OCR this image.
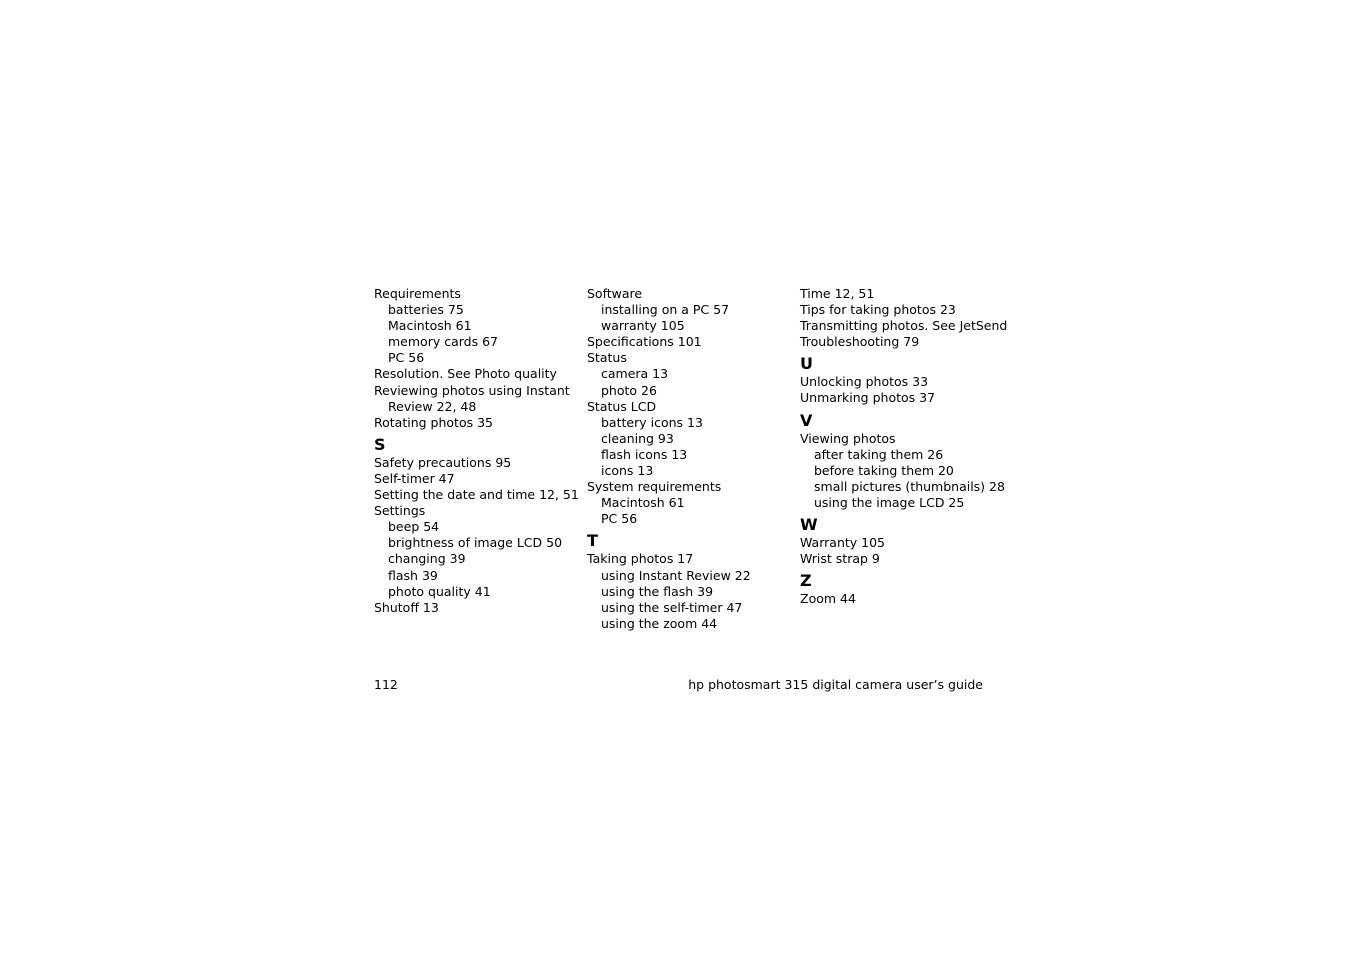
Requirements
batteries 75
Macintosh 61
memory cards 67
PC 56
Resolution. See Photo quality
Reviewing photos using Instant
Review 22, 48
Rotating photos 35
S
Safety precautions 95
Self-timer 47
Setting the date and time 12, 51
Settings
beep 54
brightness of image LCD 50
changing 39
flash 39
photo quality 41
Shutoff 13
Software
installing on a PC 57
warranty 105
Specifications 101
Status
camera 13
photo 26
Status LCD
battery icons 13
cleaning 93
flash icons 13
icons 13
System requirements
Macintosh 61
PC 56
T
Taking photos 17
using Instant Review 22
using the flash 39
using the self-timer 47
using the zoom 44
Time 12, 51
Tips for taking photos 23
Transmitting photos. See JetSend
Troubleshooting 79
U
Unlocking photos 33
Unmarking photos 37
V
Viewing photos
after taking them 26
before taking them 20
small pictures (thumbnails) 28
using the image LCD 25
W
Warranty 105
Wrist strap 9
Z
Zoom 44
112	hp photosmart 315 digital camera user’s guide
